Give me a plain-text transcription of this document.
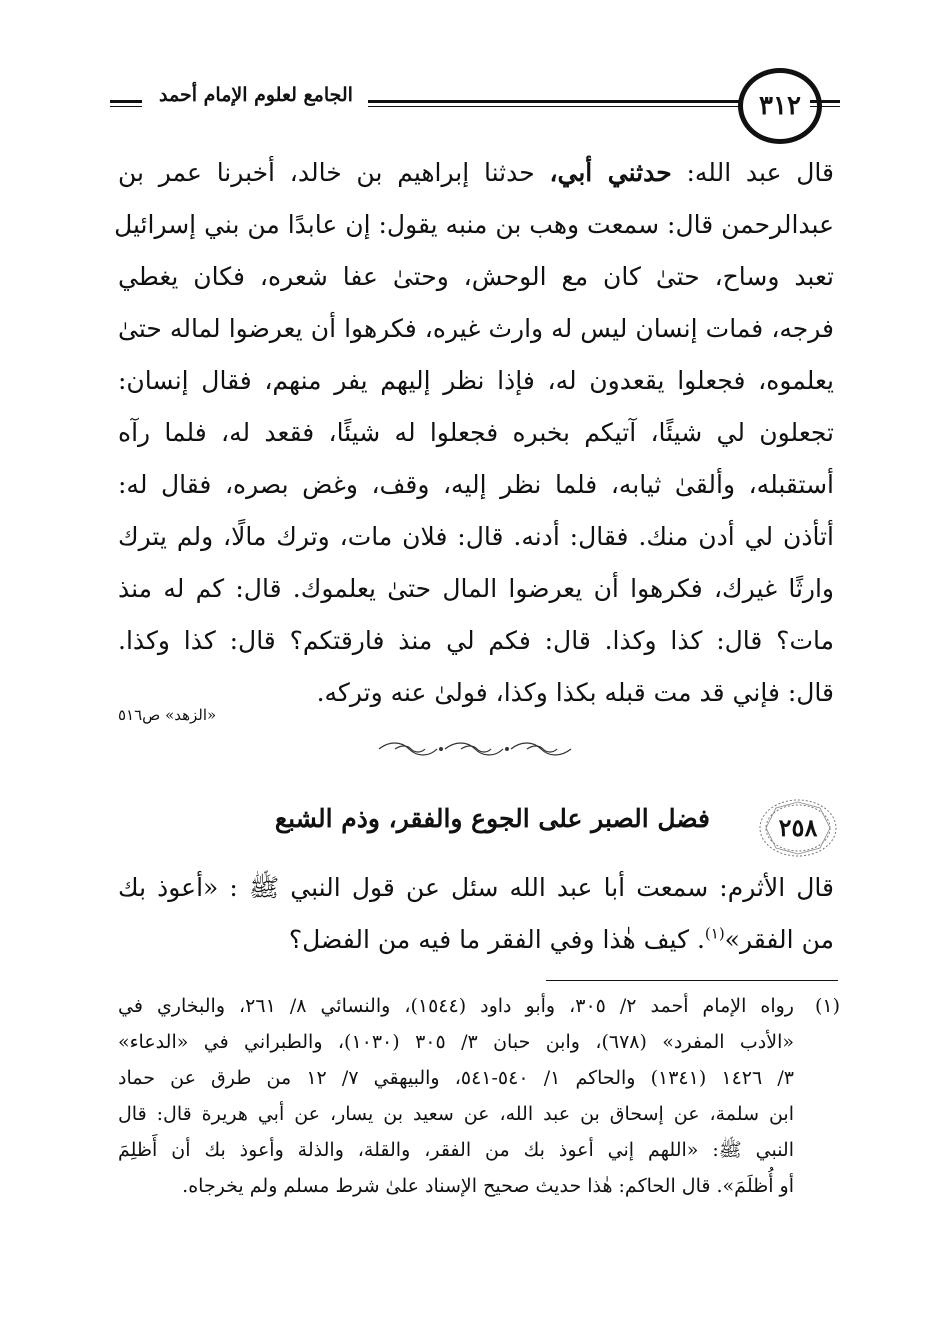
الجامع لعلوم الإمام أحمد	٣١٢
قال عبد الله: حدثني أبي، حدثنا إبراهيم بن خالد، أخبرنا عمر بن
عبدالرحمن قال: سمعت وهب بن منبه يقول: إن عابدًا من بني إسرائيل
تعبد وساح، حتىٰ كان مع الوحش، وحتىٰ عفا شعره، فكان يغطي
فرجه، فمات إنسان ليس له وارث غيره، فكرهوا أن يعرضوا لماله حتىٰ
يعلموه، فجعلوا يقعدون له، فإذا نظر إليهم يفر منهم، فقال إنسان:
تجعلون لي شيئًا، آتيكم بخبره فجعلوا له شيئًا، فقعد له، فلما رآه
أستقبله، وألقىٰ ثيابه، فلما نظر إليه، وقف، وغض بصره، فقال له:
أتأذن لي أدن منك. فقال: أدنه. قال: فلان مات، وترك مالًا، ولم يترك
وارثًا غيرك، فكرهوا أن يعرضوا المال حتىٰ يعلموك. قال: كم له منذ
مات؟ قال: كذا وكذا. قال: فكم لي منذ فارقتكم؟ قال: كذا وكذا.
قال: فإني قد مت قبله بكذا وكذا، فولىٰ عنه وتركه.
«الزهد» ص٥١٦
٢٥٨
فضل الصبر على الجوع والفقر، وذم الشبع
قال الأثرم: سمعت أبا عبد الله سئل عن قول النبي ﷺ : «أعوذ بك
من الفقر»$^{(١)}$. كيف هٰذا وفي الفقر ما فيه من الفضل؟
(١)
رواه الإمام أحمد ٢/ ٣٠٥، وأبو داود (١٥٤٤)، والنسائي ٨/ ٢٦١، والبخاري في
«الأدب المفرد» (٦٧٨)، وابن حبان ٣/ ٣٠٥ (١٠٣٠)، والطبراني في «الدعاء»
٣/ ١٤٢٦ (١٣٤١) والحاكم ١/ ٥٤٠-٥٤١، والبيهقي ٧/ ١٢ من طرق عن حماد
ابن سلمة، عن إسحاق بن عبد الله، عن سعيد بن يسار، عن أبي هريرة قال: قال
النبي ﷺ: «اللهم إني أعوذ بك من الفقر، والقلة، والذلة وأعوذ بك أن أَظلِمَ
أو أُظلَمَ». قال الحاكم: هٰذا حديث صحيح الإسناد علىٰ شرط مسلم ولم يخرجاه.
